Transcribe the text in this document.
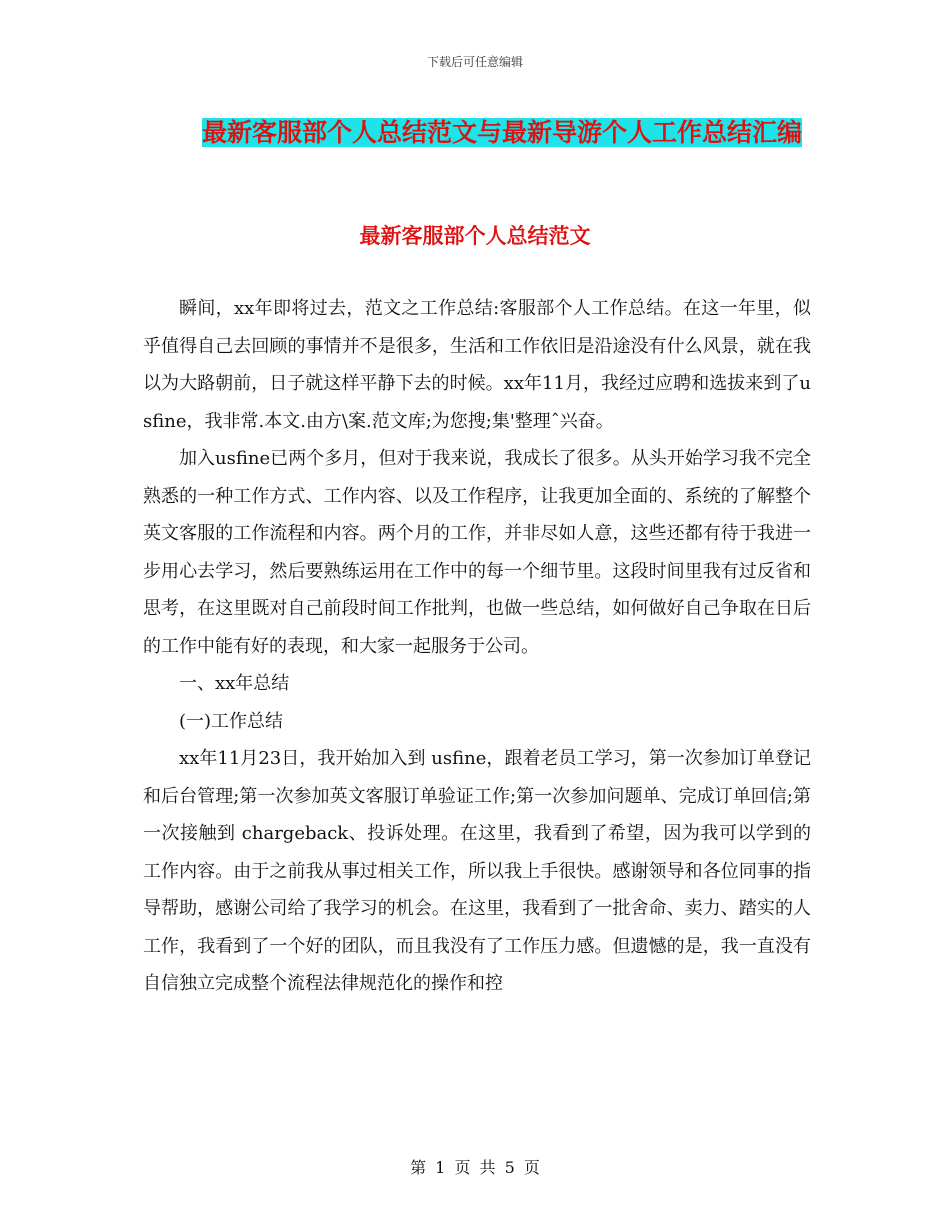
下载后可任意编辑
最新客服部个人总结范文与最新导游个人工作总结汇编
最新客服部个人总结范文

瞬间，xx年即将过去，范文之工作总结:客服部个人工作总结。在这一年里，似乎值得自己去回顾的事情并不是很多，生活和工作依旧是沿途没有什么风景，就在我以为大路朝前，日子就这样平静下去的时候。xx年11月，我经过应聘和选拔来到了usfine，我非常.本文.由方\案.范文库;为您搜;集'整理ˆ兴奋。

加入usfine已两个多月，但对于我来说，我成长了很多。从头开始学习我不完全熟悉的一种工作方式、工作内容、以及工作程序，让我更加全面的、系统的了解整个英文客服的工作流程和内容。两个月的工作，并非尽如人意，这些还都有待于我进一步用心去学习，然后要熟练运用在工作中的每一个细节里。这段时间里我有过反省和思考，在这里既对自己前段时间工作批判，也做一些总结，如何做好自己争取在日后的工作中能有好的表现，和大家一起服务于公司。

一、xx年总结

(一)工作总结

xx年11月23日，我开始加入到 usfine，跟着老员工学习，第一次参加订单登记和后台管理;第一次参加英文客服订单验证工作;第一次参加问题单、完成订单回信;第一次接触到 chargeback、投诉处理。在这里，我看到了希望，因为我可以学到的工作内容。由于之前我从事过相关工作，所以我上手很快。感谢领导和各位同事的指导帮助，感谢公司给了我学习的机会。在这里，我看到了一批舍命、卖力、踏实的人工作，我看到了一个好的团队，而且我没有了工作压力感。但遗憾的是，我一直没有自信独立完成整个流程法律规范化的操作和控

第 1 页 共 5 页
